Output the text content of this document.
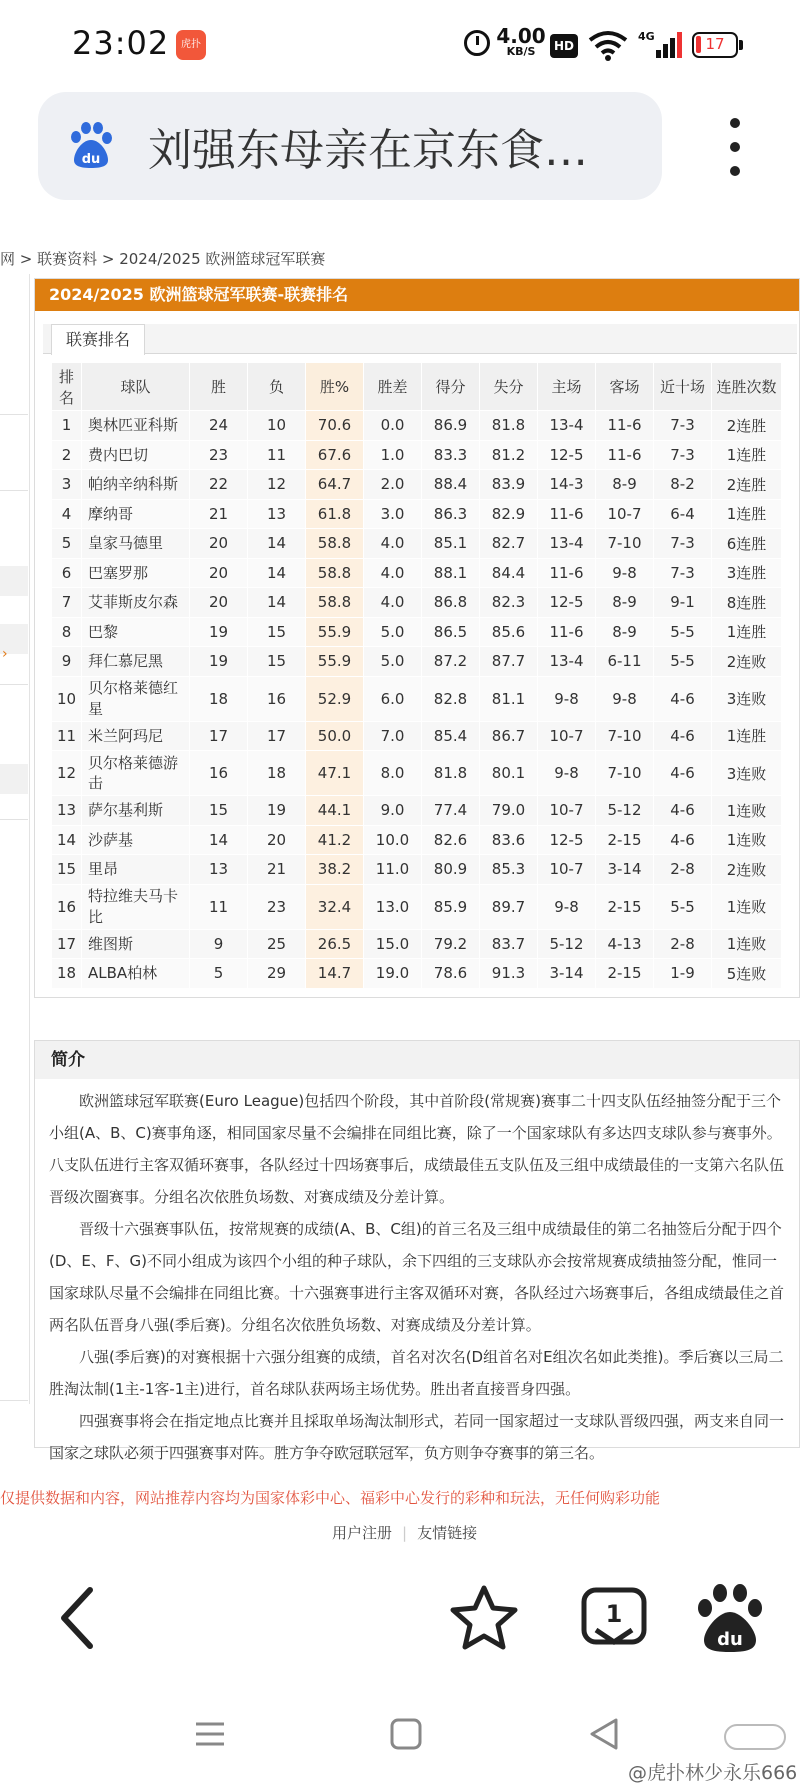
23:02	虎扑	4.00
KB/S	HD
4G	17
du 刘强东母亲在京东食…
网 > 联赛资料 > 2024/2025 欧洲篮球冠军联赛
›
2024/2025 欧洲篮球冠军联赛-联赛排名
联赛排名
排名	球队	胜	负	胜%	胜差	得分	失分	主场	客场	近十场	连胜次数
1	奥林匹亚科斯	24	10	70.6	0.0	86.9	81.8	13-4	11-6	7-3	2连胜
2	费内巴切	23	11	67.6	1.0	83.3	81.2	12-5	11-6	7-3	1连胜
3	帕纳辛纳科斯	22	12	64.7	2.0	88.4	83.9	14-3	8-9	8-2	2连胜
4	摩纳哥	21	13	61.8	3.0	86.3	82.9	11-6	10-7	6-4	1连胜
5	皇家马德里	20	14	58.8	4.0	85.1	82.7	13-4	7-10	7-3	6连胜
6	巴塞罗那	20	14	58.8	4.0	88.1	84.4	11-6	9-8	7-3	3连胜
7	艾菲斯皮尔森	20	14	58.8	4.0	86.8	82.3	12-5	8-9	9-1	8连胜
8	巴黎	19	15	55.9	5.0	86.5	85.6	11-6	8-9	5-5	1连胜
9	拜仁慕尼黑	19	15	55.9	5.0	87.2	87.7	13-4	6-11	5-5	2连败
10	贝尔格莱德红星	18	16	52.9	6.0	82.8	81.1	9-8	9-8	4-6	3连败
11	米兰阿玛尼	17	17	50.0	7.0	85.4	86.7	10-7	7-10	4-6	1连胜
12	贝尔格莱德游击	16	18	47.1	8.0	81.8	80.1	9-8	7-10	4-6	3连败
13	萨尔基利斯	15	19	44.1	9.0	77.4	79.0	10-7	5-12	4-6	1连败
14	沙萨基	14	20	41.2	10.0	82.6	83.6	12-5	2-15	4-6	1连败
15	里昂	13	21	38.2	11.0	80.9	85.3	10-7	3-14	2-8	2连败
16	特拉维夫马卡比	11	23	32.4	13.0	85.9	89.7	9-8	2-15	5-5	1连败
17	维图斯	9	25	26.5	15.0	79.2	83.7	5-12	4-13	2-8	1连败
18	ALBA柏林	5	29	14.7	19.0	78.6	91.3	3-14	2-15	1-9	5连败
简介

欧洲篮球冠军联赛(Euro League)包括四个阶段，其中首阶段(常规赛)赛事二十四支队伍经抽签分配于三个小组(A、B、C)赛事角逐，相同国家尽量不会编排在同组比赛，除了一个国家球队有多达四支球队参与赛事外。八支队伍进行主客双循环赛事，各队经过十四场赛事后，成绩最佳五支队伍及三组中成绩最佳的一支第六名队伍晋级次圈赛事。分组名次依胜负场数、对赛成绩及分差计算。

晋级十六强赛事队伍，按常规赛的成绩(A、B、C组)的首三名及三组中成绩最佳的第二名抽签后分配于四个(D、E、F、G)不同小组成为该四个小组的种子球队，余下四组的三支球队亦会按常规赛成绩抽签分配，惟同一国家球队尽量不会编排在同组比赛。十六强赛事进行主客双循环对赛，各队经过六场赛事后，各组成绩最佳之首两名队伍晋身八强(季后赛)。分组名次依胜负场数、对赛成绩及分差计算。

八强(季后赛)的对赛根据十六强分组赛的成绩，首名对次名(D组首名对E组次名如此类推)。季后赛以三局二胜淘汰制(1主-1客-1主)进行，首名球队获两场主场优势。胜出者直接晋身四强。

四强赛事将会在指定地点比赛并且採取单场淘汰制形式，若同一国家超过一支球队晋级四强，两支来自同一国家之球队必须于四强赛事对阵。胜方争夺欧冠联冠军，负方则争夺赛事的第三名。

仅提供数据和内容，网站推荐内容均为国家体彩中心、福彩中心发行的彩种和玩法，无任何购彩功能
用户注册 | 友情链接
1
du
@虎扑林少永乐666
